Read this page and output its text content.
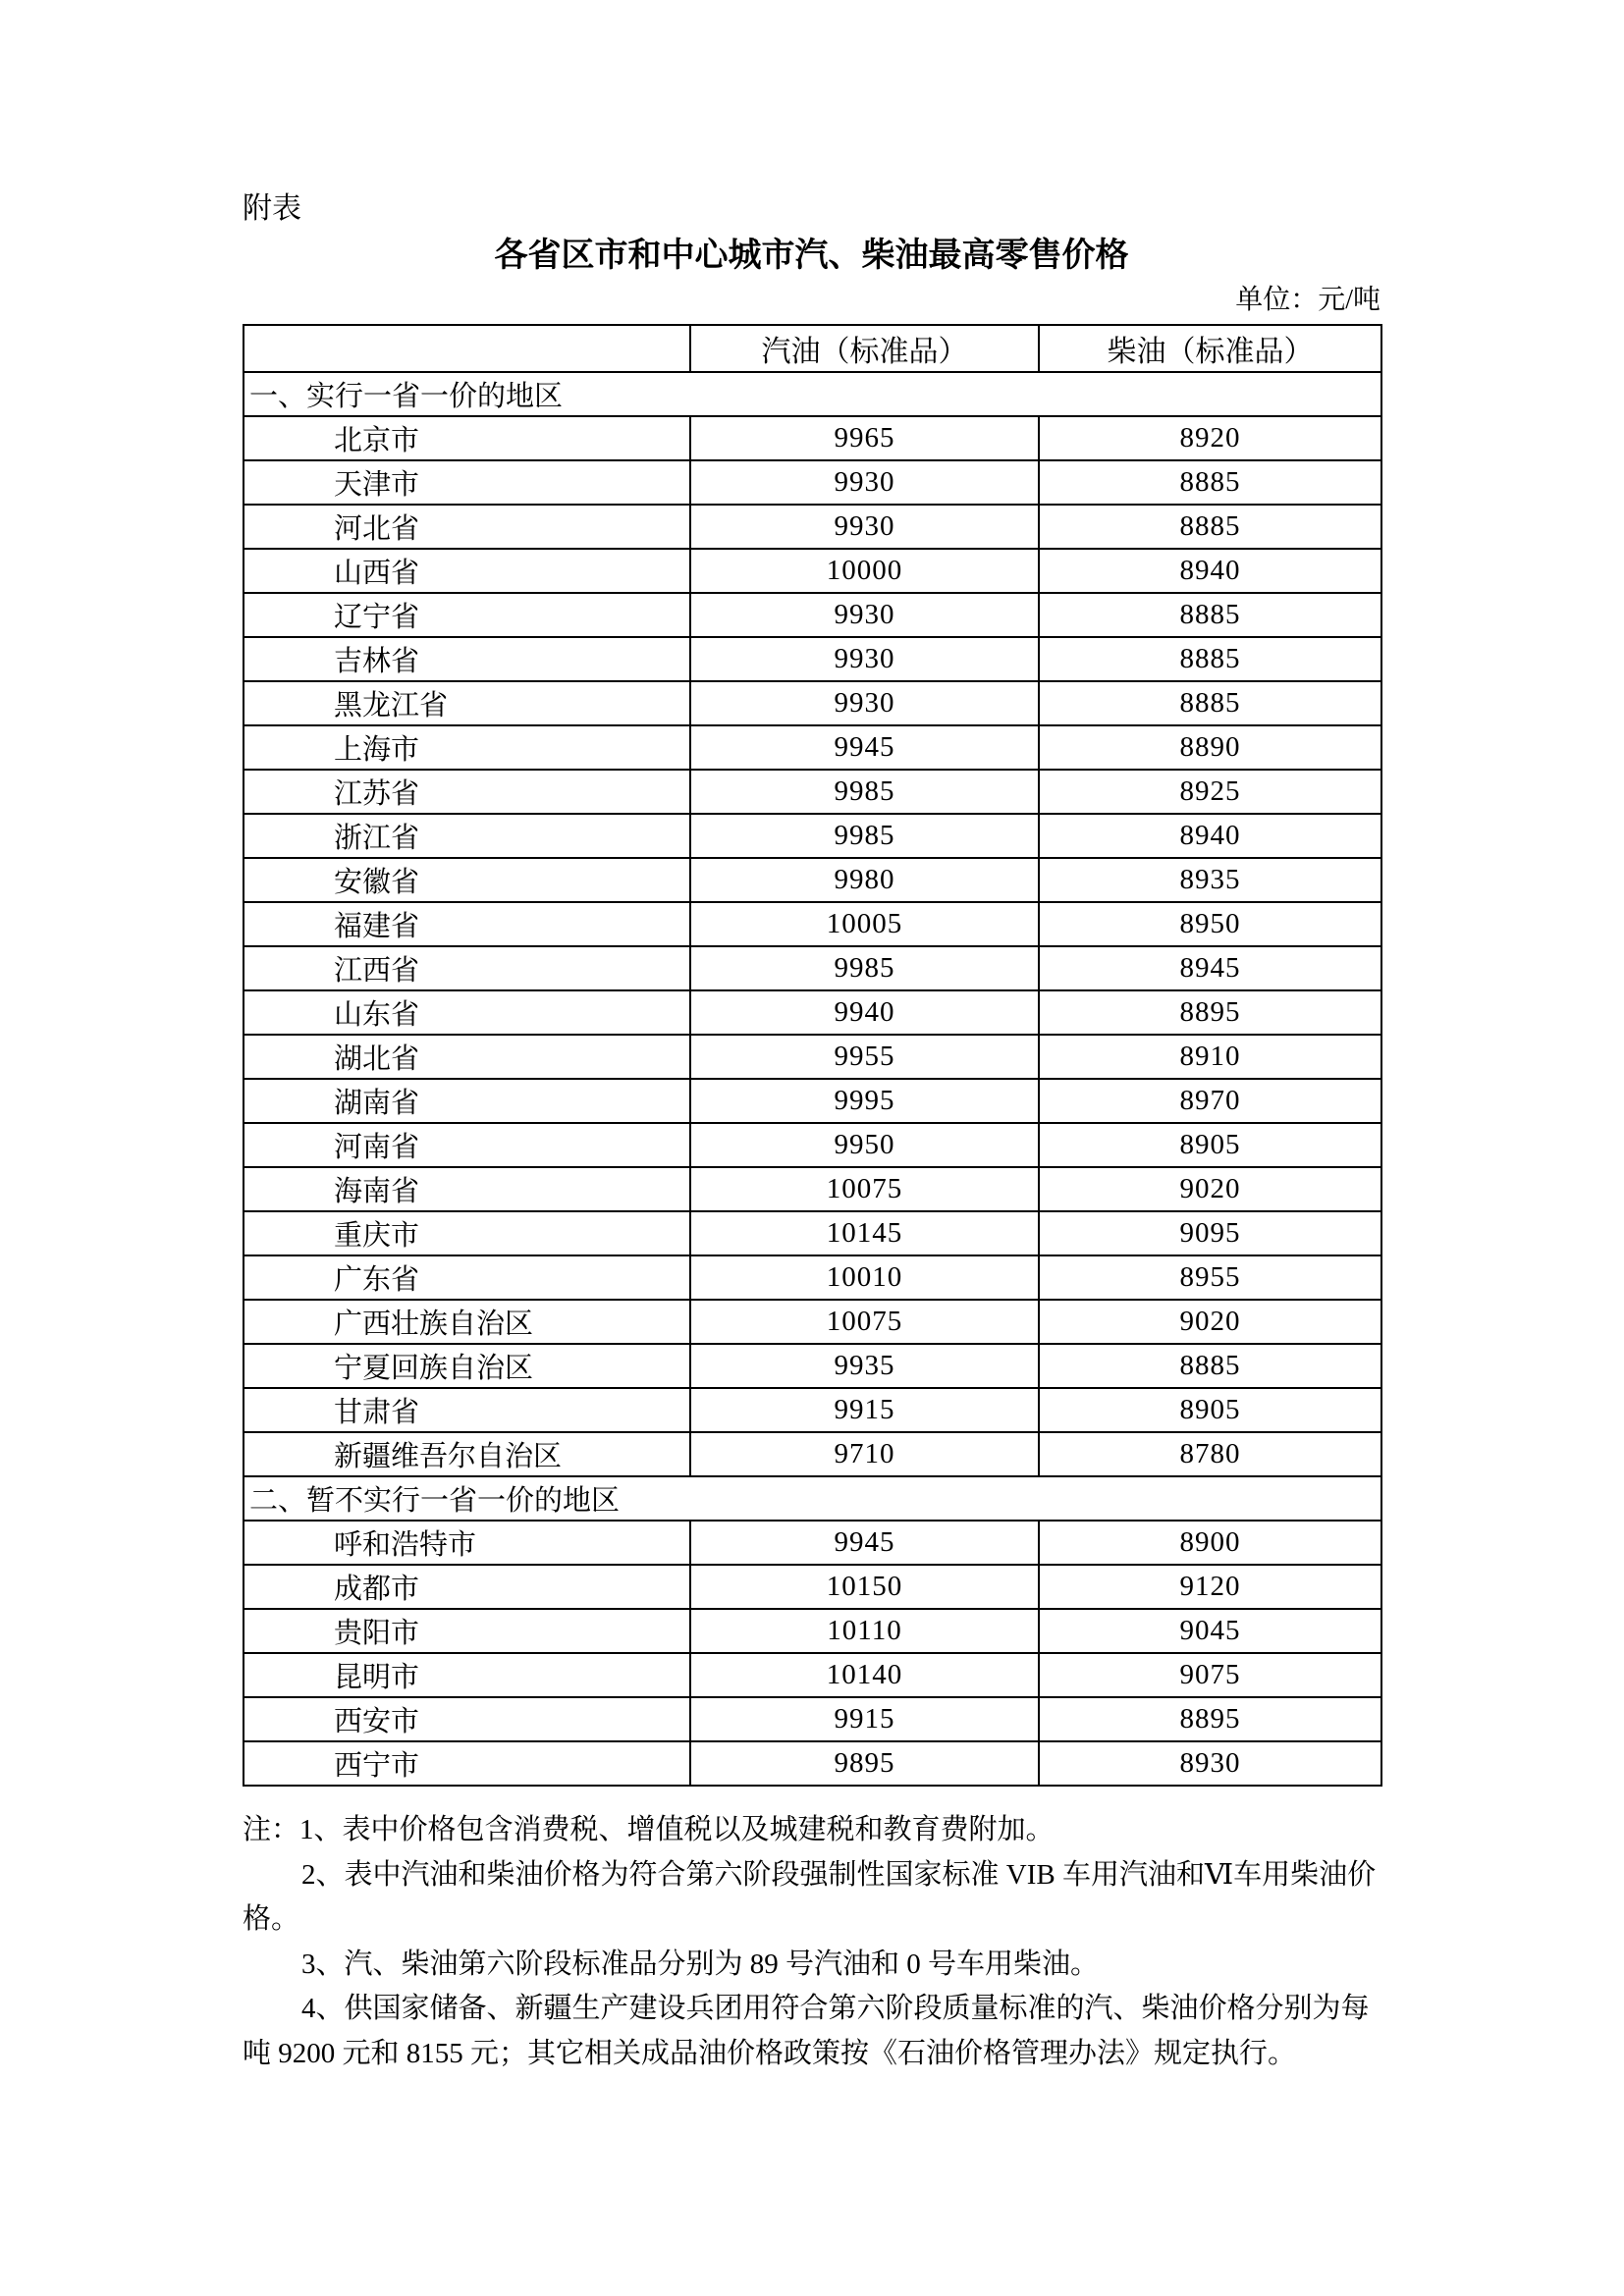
附表
各省区市和中心城市汽、柴油最高零售价格
单位：元/吨
	汽油（标准品）	柴油（标准品）
一、实行一省一价的地区		
北京市	9965	8920
天津市	9930	8885
河北省	9930	8885
山西省	10000	8940
辽宁省	9930	8885
吉林省	9930	8885
黑龙江省	9930	8885
上海市	9945	8890
江苏省	9985	8925
浙江省	9985	8940
安徽省	9980	8935
福建省	10005	8950
江西省	9985	8945
山东省	9940	8895
湖北省	9955	8910
湖南省	9995	8970
河南省	9950	8905
海南省	10075	9020
重庆市	10145	9095
广东省	10010	8955
广西壮族自治区	10075	9020
宁夏回族自治区	9935	8885
甘肃省	9915	8905
新疆维吾尔自治区	9710	8780
二、暂不实行一省一价的地区		
呼和浩特市	9945	8900
成都市	10150	9120
贵阳市	10110	9045
昆明市	10140	9075
西安市	9915	8895
西宁市	9895	8930
注：1、表中价格包含消费税、增值税以及城建税和教育费附加。
2、表中汽油和柴油价格为符合第六阶段强制性国家标准 VIB 车用汽油和Ⅵ车用柴油价
格。
3、汽、柴油第六阶段标准品分别为 89 号汽油和 0 号车用柴油。
4、供国家储备、新疆生产建设兵团用符合第六阶段质量标准的汽、柴油价格分别为每
吨 9200 元和 8155 元；其它相关成品油价格政策按《石油价格管理办法》规定执行。
